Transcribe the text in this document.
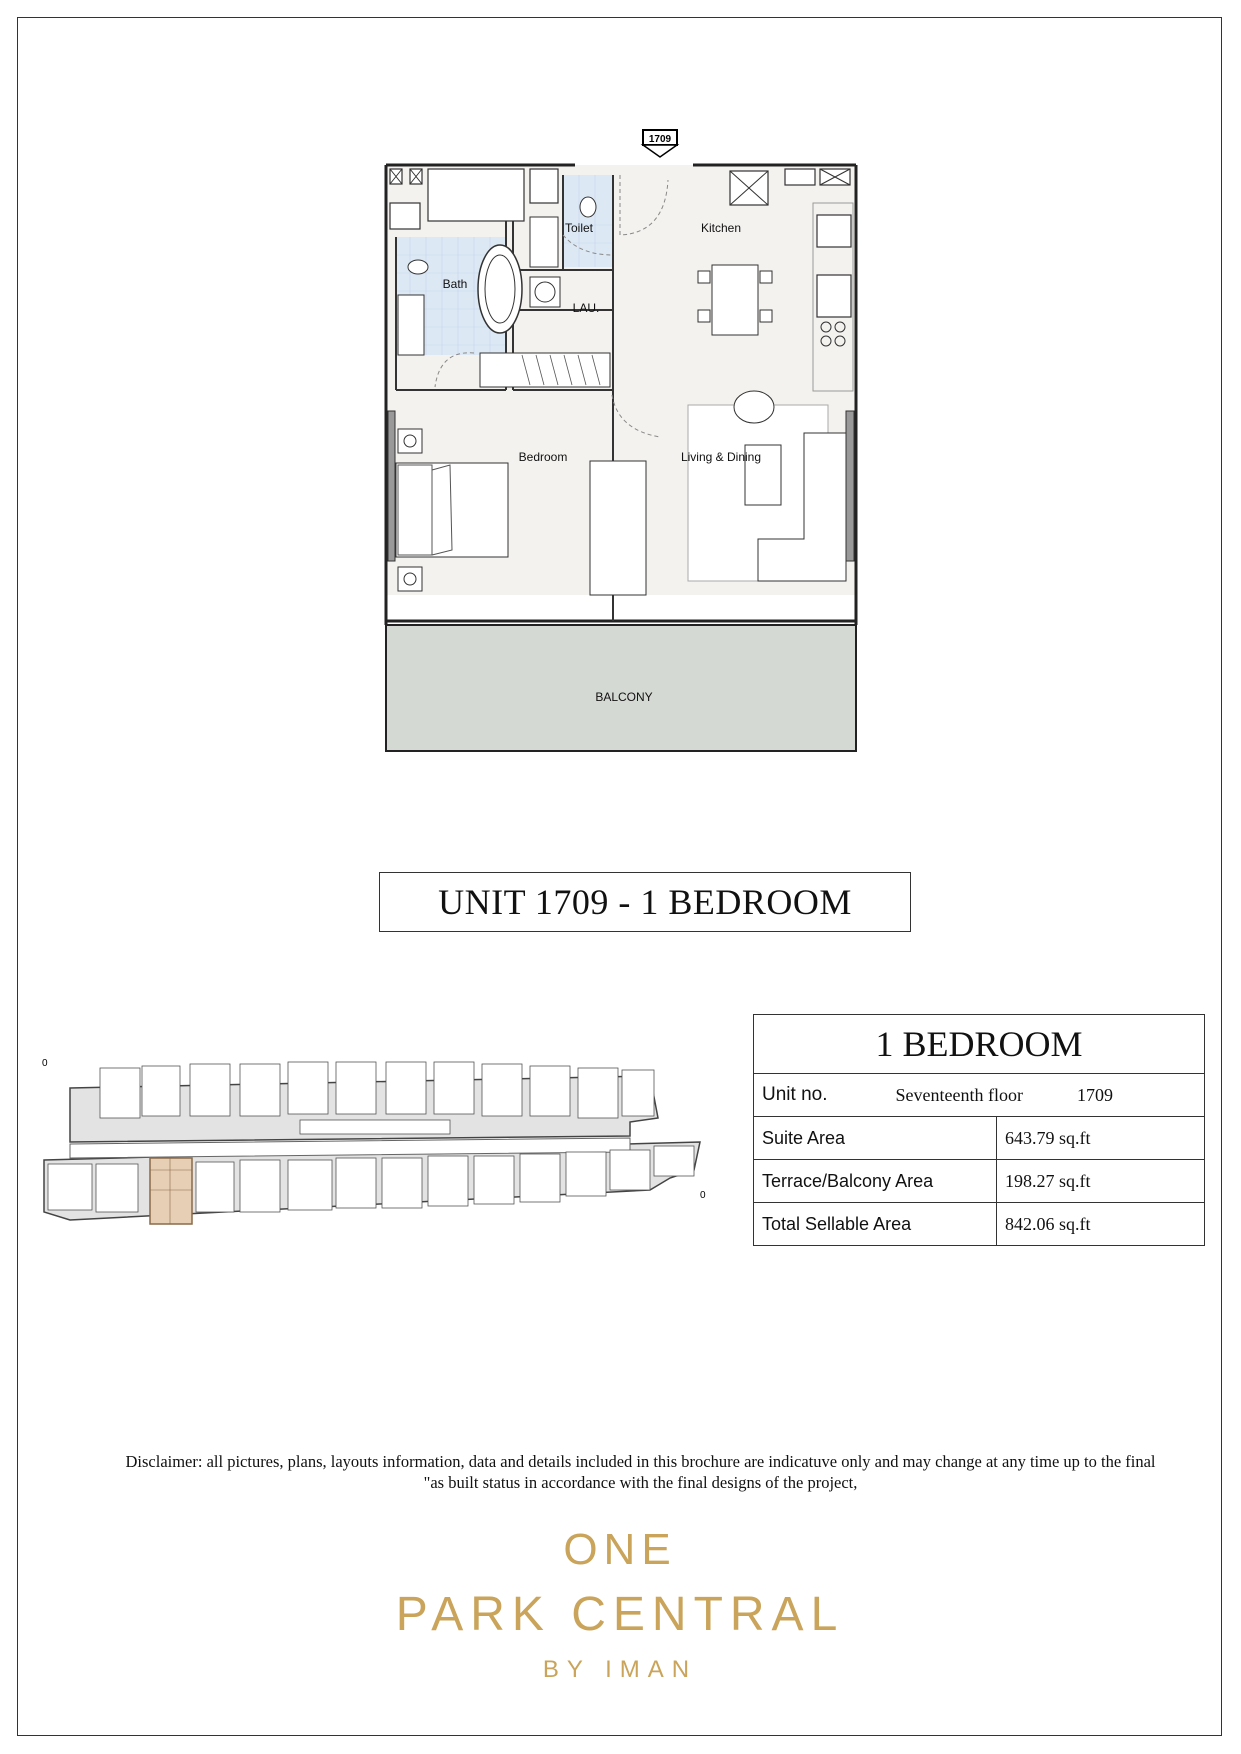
1709
Toilet	Kitchen
Bath
LAU.
Bedroom	Living & Dining
BALCONY
UNIT 1709 - 1 BEDROOM
0
0
1 BEDROOM	

Unit no. Seventeenth floor 1709	

Suite Area	643.79 sq.ft
Terrace/Balcony Area	198.27 sq.ft
Total Sellable Area	842.06 sq.ft
Disclaimer: all pictures, plans, layouts information, data and details included in this brochure are indicatuve only and may change at any time up to the final
"as built status in accordance with the final designs of the project,
ONE
PARK CENTRAL
BY IMAN
